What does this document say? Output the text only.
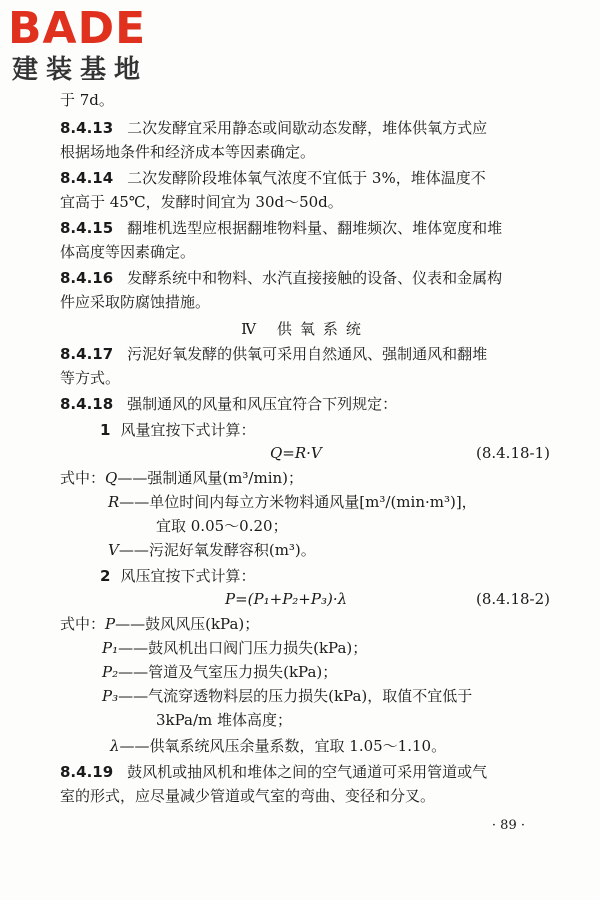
BADE
建装基地
于 7d。
8.4.13 二次发酵宜采用静态或间歇动态发酵，堆体供氧方式应
根据场地条件和经济成本等因素确定。
8.4.14 二次发酵阶段堆体氧气浓度不宜低于 3%，堆体温度不
宜高于 45℃，发酵时间宜为 30d～50d。
8.4.15 翻堆机选型应根据翻堆物料量、翻堆频次、堆体宽度和堆
体高度等因素确定。
8.4.16 发酵系统中和物料、水汽直接接触的设备、仪表和金属构
件应采取防腐蚀措施。
Ⅳ 供氧系统
8.4.17 污泥好氧发酵的供氧可采用自然通风、强制通风和翻堆
等方式。
8.4.18 强制通风的风量和风压宜符合下列规定：
1 风量宜按下式计算：
Q=R·V	(8.4.18-1)
式中：Q——强制通风量(m³/min)；
R——单位时间内每立方米物料通风量[m³/(min·m³)]，
宜取 0.05～0.20；
V——污泥好氧发酵容积(m³)。
2 风压宜按下式计算：
P=(P₁+P₂+P₃)·λ	(8.4.18-2)
式中：P——鼓风风压(kPa)；
P₁——鼓风机出口阀门压力损失(kPa)；
P₂——管道及气室压力损失(kPa)；
P₃——气流穿透物料层的压力损失(kPa)，取值不宜低于
3kPa/m 堆体高度；
λ——供氧系统风压余量系数，宜取 1.05～1.10。
8.4.19 鼓风机或抽风机和堆体之间的空气通道可采用管道或气
室的形式，应尽量减少管道或气室的弯曲、变径和分叉。
· 89 ·
